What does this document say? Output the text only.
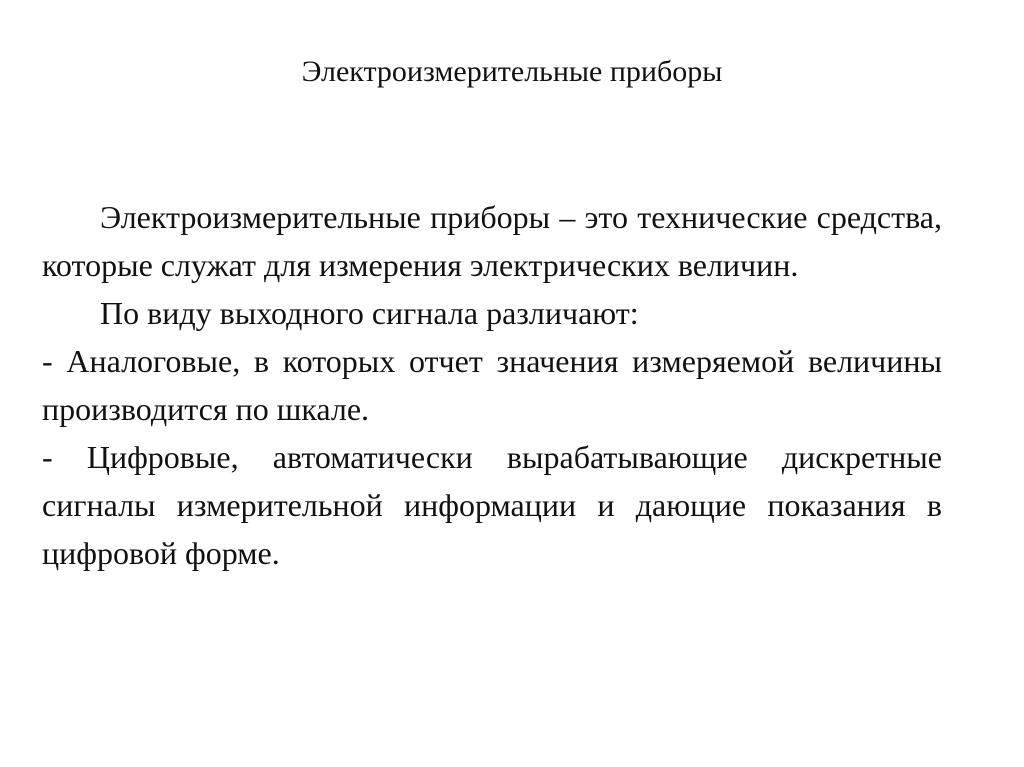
Электроизмерительные приборы

Электроизмерительные приборы – это технические средства, которые служат для измерения электрических величин.

По виду выходного сигнала различают:

- Аналоговые, в которых отчет значения измеряемой величины производится по шкале.

- Цифровые, автоматически вырабатывающие дискретные сигналы измерительной информации и дающие показания в цифровой форме.
